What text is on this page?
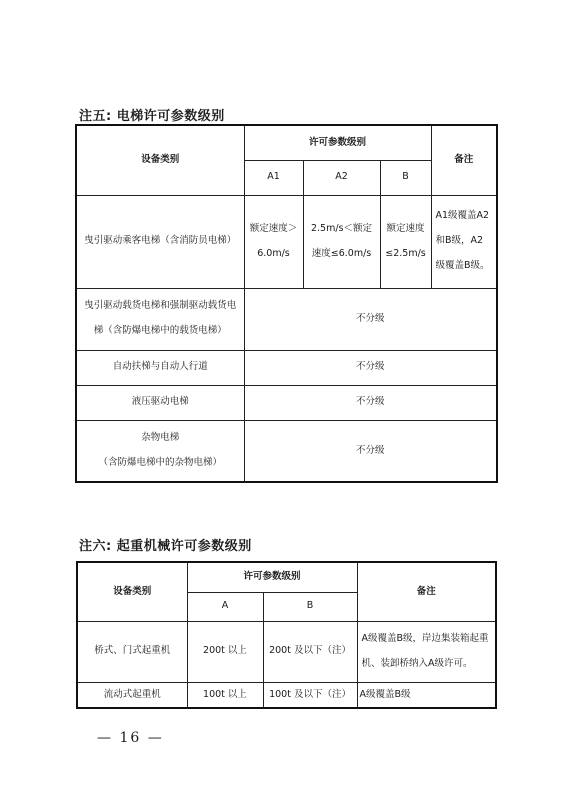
注五: 电梯许可参数级别
设备类别	许可参数级别			备注
	A1	A2	B	
曳引驱动乘客电梯（含消防员电梯）	额定速度＞6.0m/s	2.5m/s＜额定速度≤6.0m/s	额定速度≤2.5m/s	A1级覆盖A2和B级，A2级覆盖B级。
曳引驱动载货电梯和强制驱动载货电梯（含防爆电梯中的载货电梯）	不分级			
自动扶梯与自动人行道	不分级			
液压驱动电梯	不分级			

杂物电梯
（含防爆电梯中的杂物电梯）	不分级			
注六: 起重机械许可参数级别
设备类别	许可参数级别		备注
	A	B	
桥式、门式起重机	200t 以上	200t 及以下（注）	A级覆盖B级，岸边集装箱起重机、装卸桥纳入A级许可。
流动式起重机	100t 以上	100t 及以下（注）	A级覆盖B级
— 16 —
